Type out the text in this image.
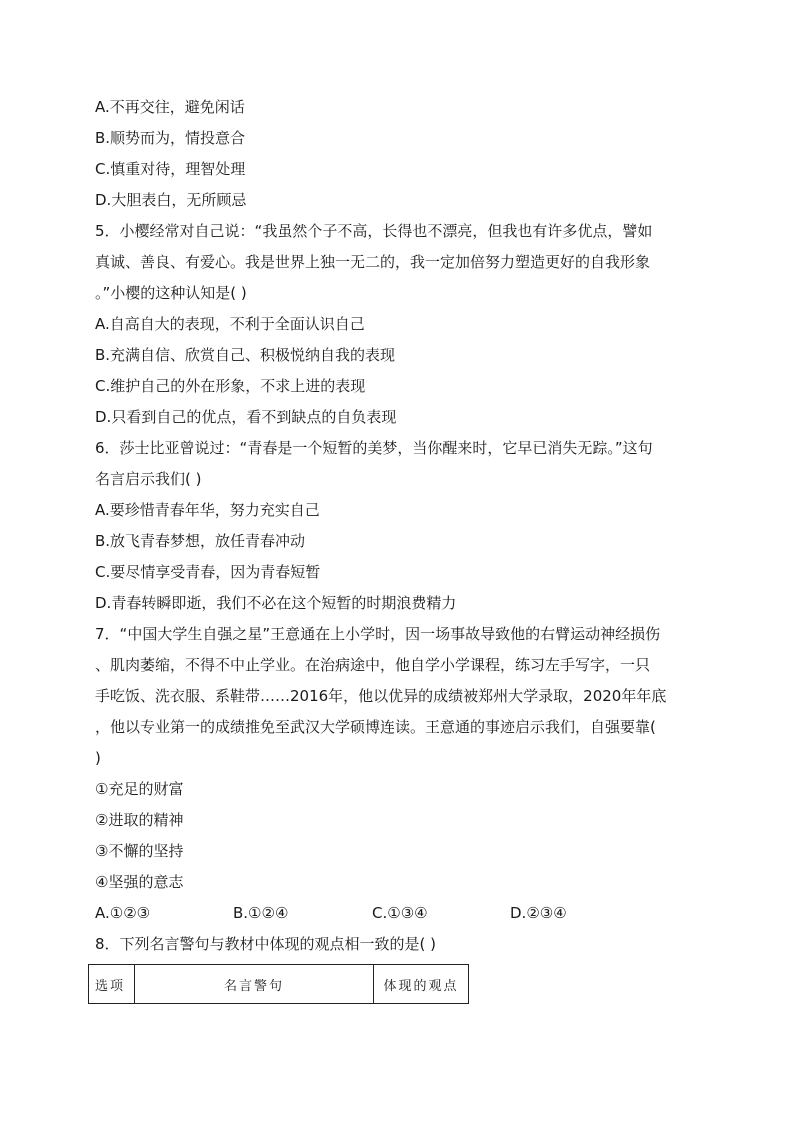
A.不再交往，避免闲话
B.顺势而为，情投意合
C.慎重对待，理智处理
D.大胆表白，无所顾忌
5．小樱经常对自己说：“我虽然个子不高，长得也不漂亮，但我也有许多优点，譬如
真诚、善良、有爱心。我是世界上独一无二的，我一定加倍努力塑造更好的自我形象
。”小樱的这种认知是( )
A.自高自大的表现，不利于全面认识自己
B.充满自信、欣赏自己、积极悦纳自我的表现
C.维护自己的外在形象，不求上进的表现
D.只看到自己的优点，看不到缺点的自负表现
6．莎士比亚曾说过：“青春是一个短暂的美梦，当你醒来时，它早已消失无踪。”这句
名言启示我们( )
A.要珍惜青春年华，努力充实自己
B.放飞青春梦想，放任青春冲动
C.要尽情享受青春，因为青春短暂
D.青春转瞬即逝，我们不必在这个短暂的时期浪费精力
7．“中国大学生自强之星”王意通在上小学时，因一场事故导致他的右臂运动神经损伤
、肌肉萎缩，不得不中止学业。在治病途中，他自学小学课程，练习左手写字，一只
手吃饭、洗衣服、系鞋带……2016年，他以优异的成绩被郑州大学录取，2020年年底
，他以专业第一的成绩推免至武汉大学硕博连读。王意通的事迹启示我们，自强要靠(
)
①充足的财富
②进取的精神
③不懈的坚持
④坚强的意志
A.①②③	B.①②④	C.①③④	D.②③④
8．下列名言警句与教材中体现的观点相一致的是( )
选项	名言警句	体现的观点
